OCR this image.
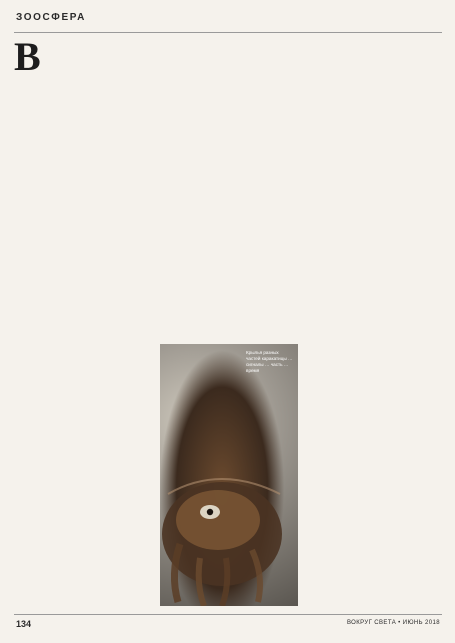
ЗООСФЕРА
В
Крылья разных частей каракатицы … сигналы … часть … время
134	ВОКРУГ СВЕТА • ИЮНЬ 2018
